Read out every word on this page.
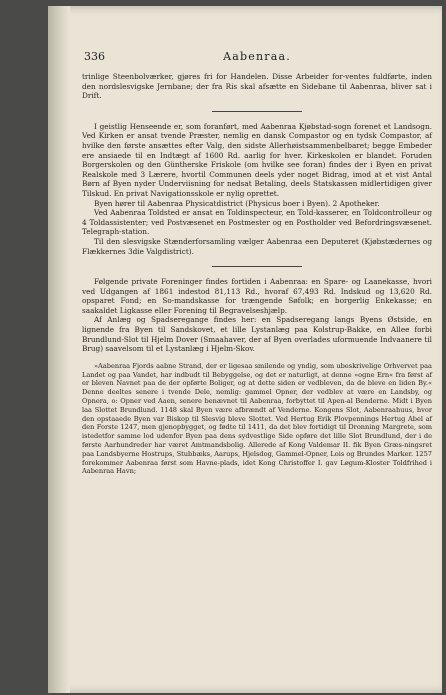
336	Aabenraa.

trinlige Steenbolværker, gjøres fri for Handelen. Disse Arbeider for-ventes fuldførte, inden den nordslesvigske Jernbane; der fra Ris skal afsætte en Sidebane til Aabenraa, bliver sat i Drift.

I geistlig Henseende er, som foranført, med Aabenraa Kjøbstad-sogn forenet et Landsogn. Ved Kirken er ansat tvende Præster, nemlig en dansk Compastor og en tydsk Compastor, af hvilke den første ansættes efter Valg, den sidste Allerhøistsammenbelbaret; begge Embeder ere ansiaede til en Indtægt af 1600 Rd. aarlig for hver. Kirkeskolen er blandet. Foruden Borgerskolen og den Güntherske Friskole (om hvilke see foran) findes der i Byen en privat Realskole med 3 Lærere, hvortil Communen deels yder noget Bidrag, imod at et vist Antal Børn af Byen nyder Underviisning for nedsat Betaling, deels Statskassen midlertidigen giver Tilskud. En privat Navigationsskole er nylig oprettet.

Byen hører til Aabenraa Physicatdistrict (Physicus boer i Byen). 2 Apotheker.

Ved Aabenraa Toldsted er ansat en Toldinspecteur, en Told-kasserer, en Toldcontrolleur og 4 Toldassistenter; ved Postvæsenet en Postmester og en Postholder ved Befordringsvæsenet. Telegraph-station.

Til den slesvigske Stænderforsamling vælger Aabenraa een Deputeret (Kjøbstædernes og Flækkernes 3die Valgdistrict).

Følgende private Foreninger findes fortiden i Aabenraa: en Spare- og Laanekasse, hvori ved Udgangen af 1861 indestod 81,113 Rd., hvoraf 67,493 Rd. Indskud og 13,620 Rd. opsparet Fond; en So-mandskasse for trængende Søfolk; en borgerlig Enkekasse; en saakaldet Ligkasse eller Forening til Begravelseshjælp.

Af Anlæg og Spadseregange findes her: en Spadseregang langs Byens Østside, en lignende fra Byen til Sandskovet, et lille Lystanlæg paa Kolstrup-Bakke, en Allee forbi Brundlund-Slot til Hjelm Dover (Smaahaver, der af Byen overlades uformuende Indvaanere til Brug) saavelsom til et Lystanlæg i Hjelm-Skov.

»Aabenraa Fjords aabne Strand, der er ligesaa smilende og yndig, som ubeskrivelige Orhvervet paa Landet og paa Vandet, har indbudt til Bebyggelse, og det er naturligt, at denne »ogne Ern« fra først af er bleven Navnet paa de der opførte Boliger, og at dette siden er vedbleven, da de bleve en liden By.« Denne deeltes senere i tvende Dele, nemlig: gammel Opner, der vedblev at være en Landsby, og Opnera, o: Opner ved Aaen, senere benævnet til Aabenraa, forbyttet til Apen-al Benderne. Midt i Byen laa Slottet Brundlund. 1148 skal Byen være afbrændt af Venderne. Kongens Slot, Aabenraahuus, hvor den opstaaede Byen var Biskop til Slesvig bleve Slottet. Ved Hertug Erik Plovpennings Hertug Abel af den Forste 1247, men gjenopbygget, og fødte til 1411, da det blev fortidigt til Dronning Margrete, som istedetfor samme lod udenfor Byen paa dens sydvestlige Side opføre det lille Slot Brundlund, der i de første Aarhundreder har været Amtmandsbolig. Allerede af Kong Valdemar II. fik Byen Græs-ningsret paa Landsbyerne Hostrups, Stubbæks, Aarups, Hjelsdog, Gammel-Opner, Lois og Brundes Marker. 1257 forekommer Aabenraa først som Havne-plads, idet Kong Christoffer I. gav Løgum-Kloster Toldfrihed i Aabenraa Havn;
